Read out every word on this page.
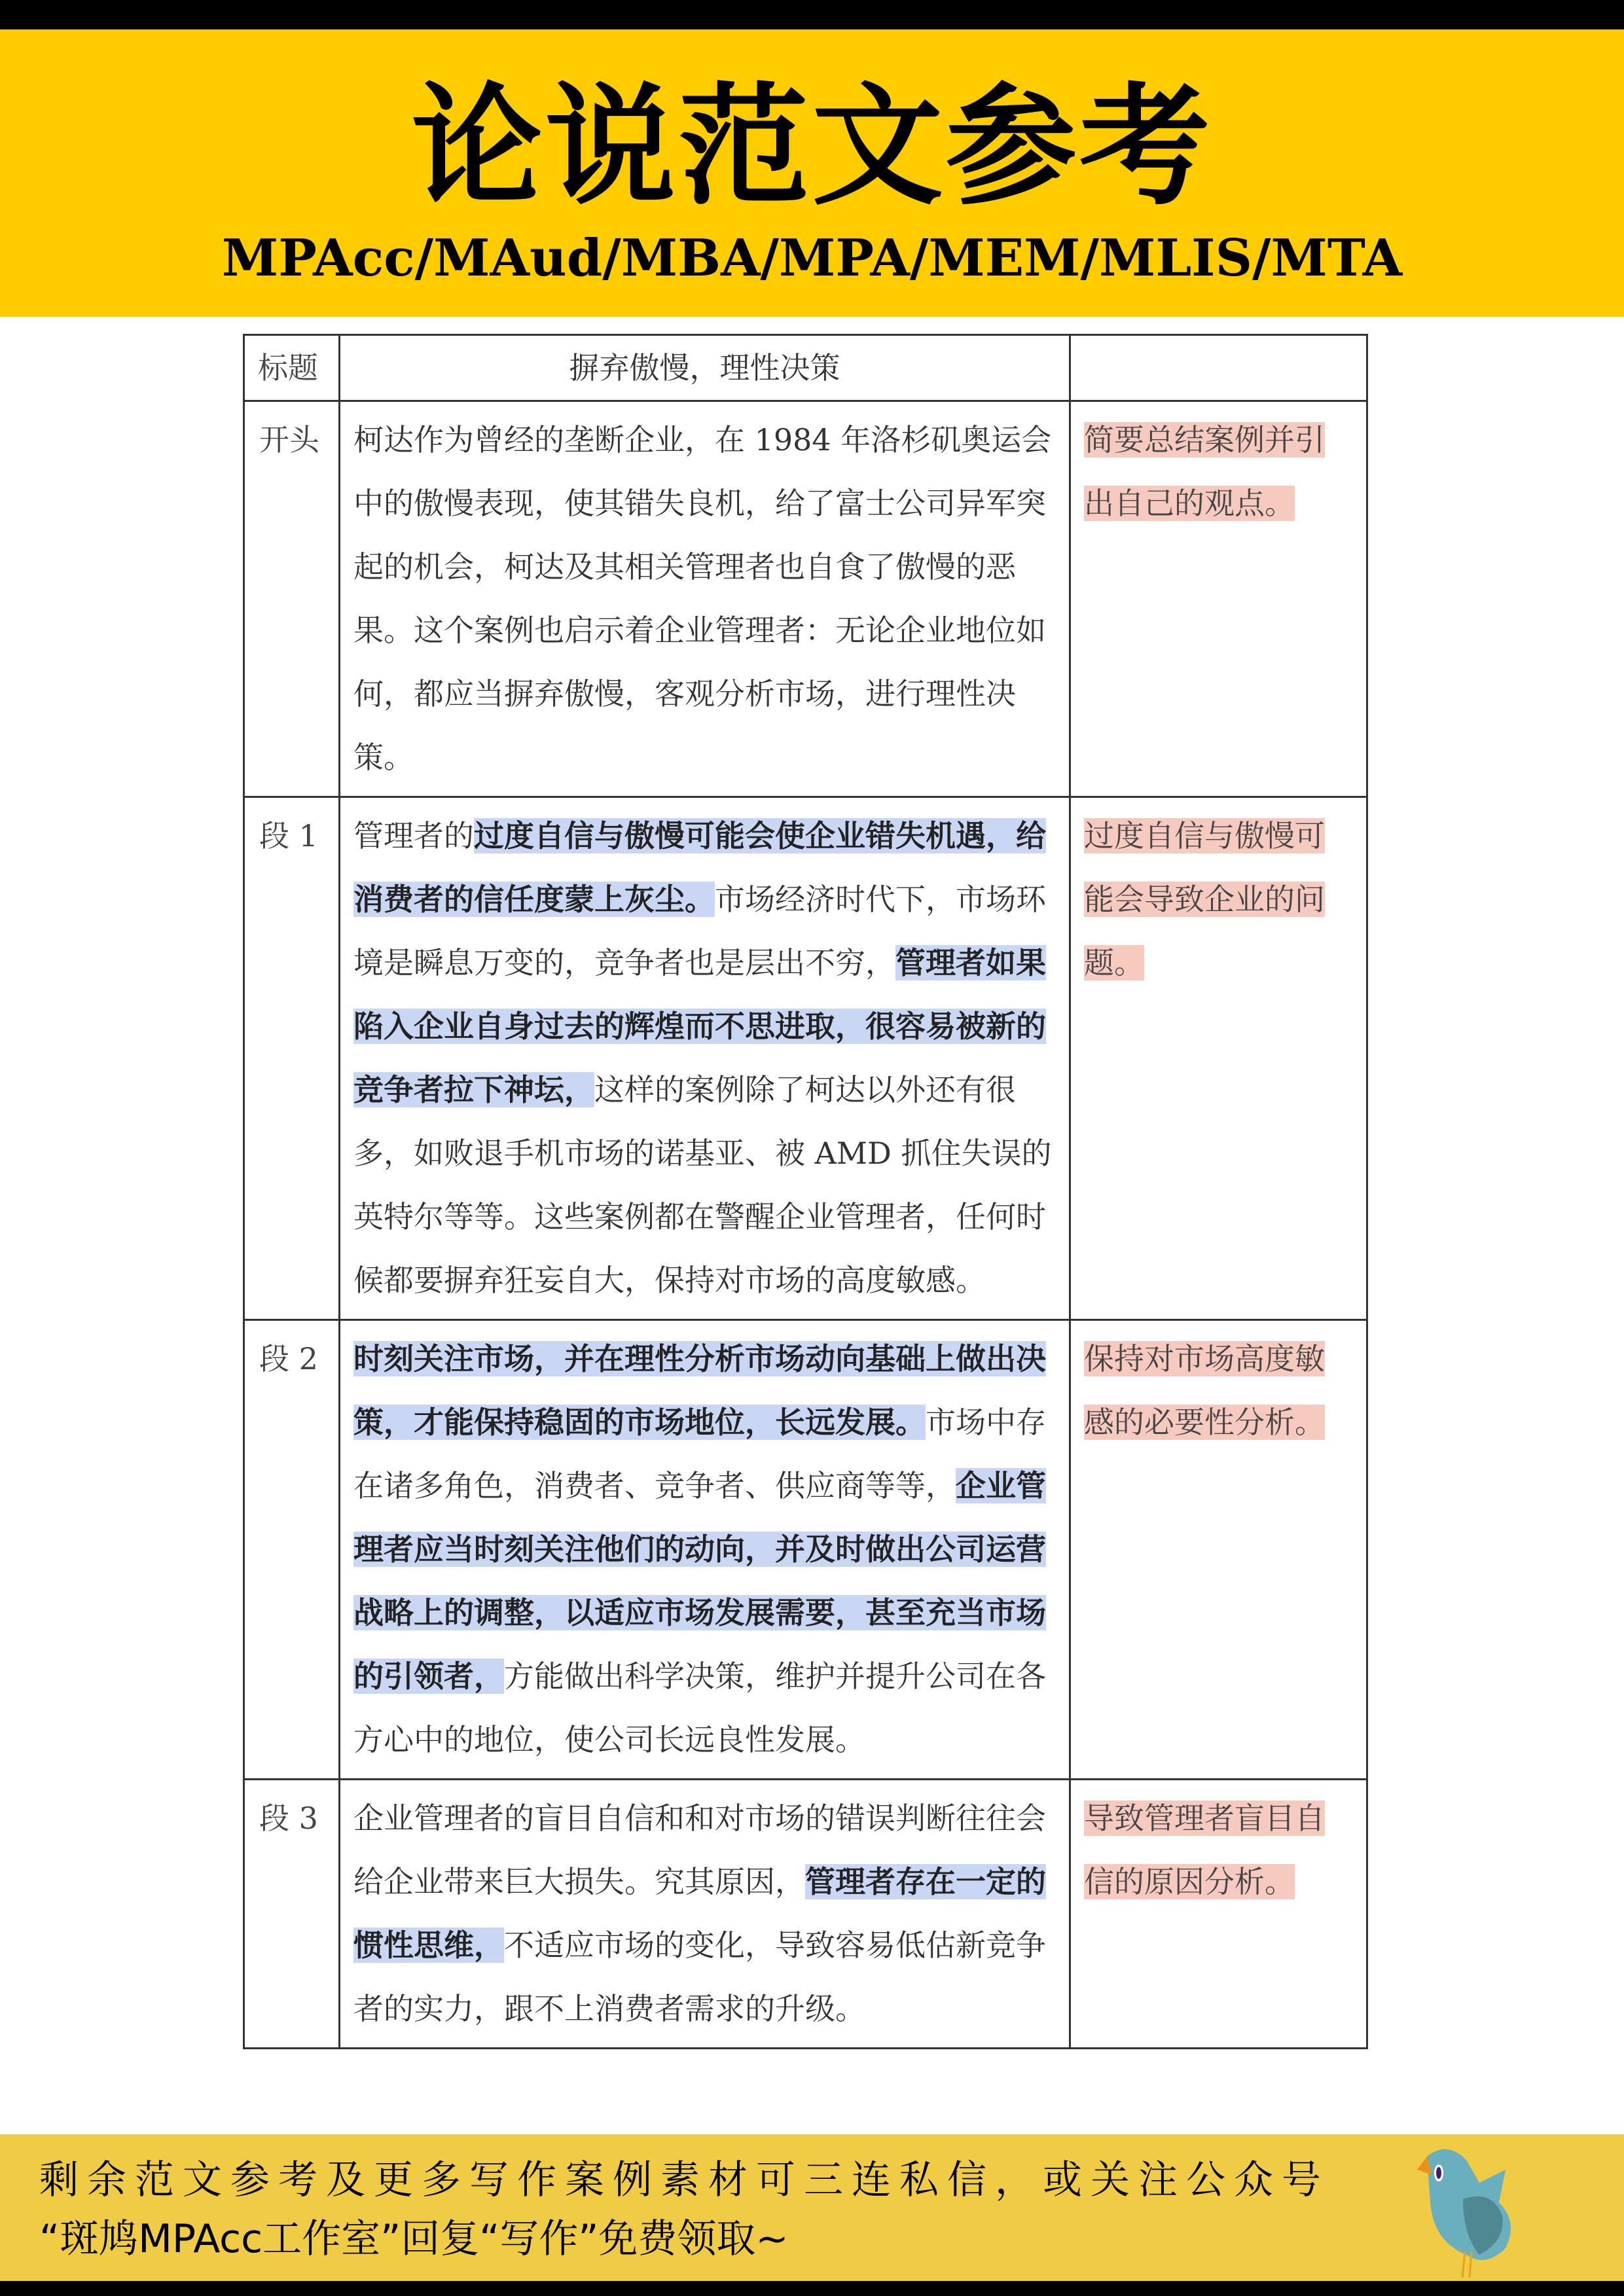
论说范文参考
MPAcc/MAud/MBA/MPA/MEM/MLIS/MTA
标题	摒弃傲慢，理性决策	
开头	柯达作为曾经的垄断企业，在 1984 年洛杉矶奥运会中的傲慢表现，使其错失良机，给了富士公司异军突起的机会，柯达及其相关管理者也自食了傲慢的恶果。这个案例也启示着企业管理者：无论企业地位如何，都应当摒弃傲慢，客观分析市场，进行理性决策。	简要总结案例并引出自己的观点。
段 1	管理者的过度自信与傲慢可能会使企业错失机遇，给消费者的信任度蒙上灰尘。市场经济时代下，市场环境是瞬息万变的，竞争者也是层出不穷，管理者如果陷入企业自身过去的辉煌而不思进取，很容易被新的竞争者拉下神坛，这样的案例除了柯达以外还有很多，如败退手机市场的诺基亚、被 AMD 抓住失误的英特尔等等。这些案例都在警醒企业管理者，任何时候都要摒弃狂妄自大，保持对市场的高度敏感。	过度自信与傲慢可能会导致企业的问题。
段 2	时刻关注市场，并在理性分析市场动向基础上做出决策，才能保持稳固的市场地位，长远发展。市场中存在诸多角色，消费者、竞争者、供应商等等，企业管理者应当时刻关注他们的动向，并及时做出公司运营战略上的调整，以适应市场发展需要，甚至充当市场的引领者，方能做出科学决策，维护并提升公司在各方心中的地位，使公司长远良性发展。	保持对市场高度敏感的必要性分析。
段 3	企业管理者的盲目自信和和对市场的错误判断往往会给企业带来巨大损失。究其原因，管理者存在一定的惯性思维，不适应市场的变化，导致容易低估新竞争者的实力，跟不上消费者需求的升级。	导致管理者盲目自信的原因分析。
剩余范文参考及更多写作案例素材可三连私信，或关注公众号
“斑鸠MPAcc工作室”回复“写作”免费领取~
